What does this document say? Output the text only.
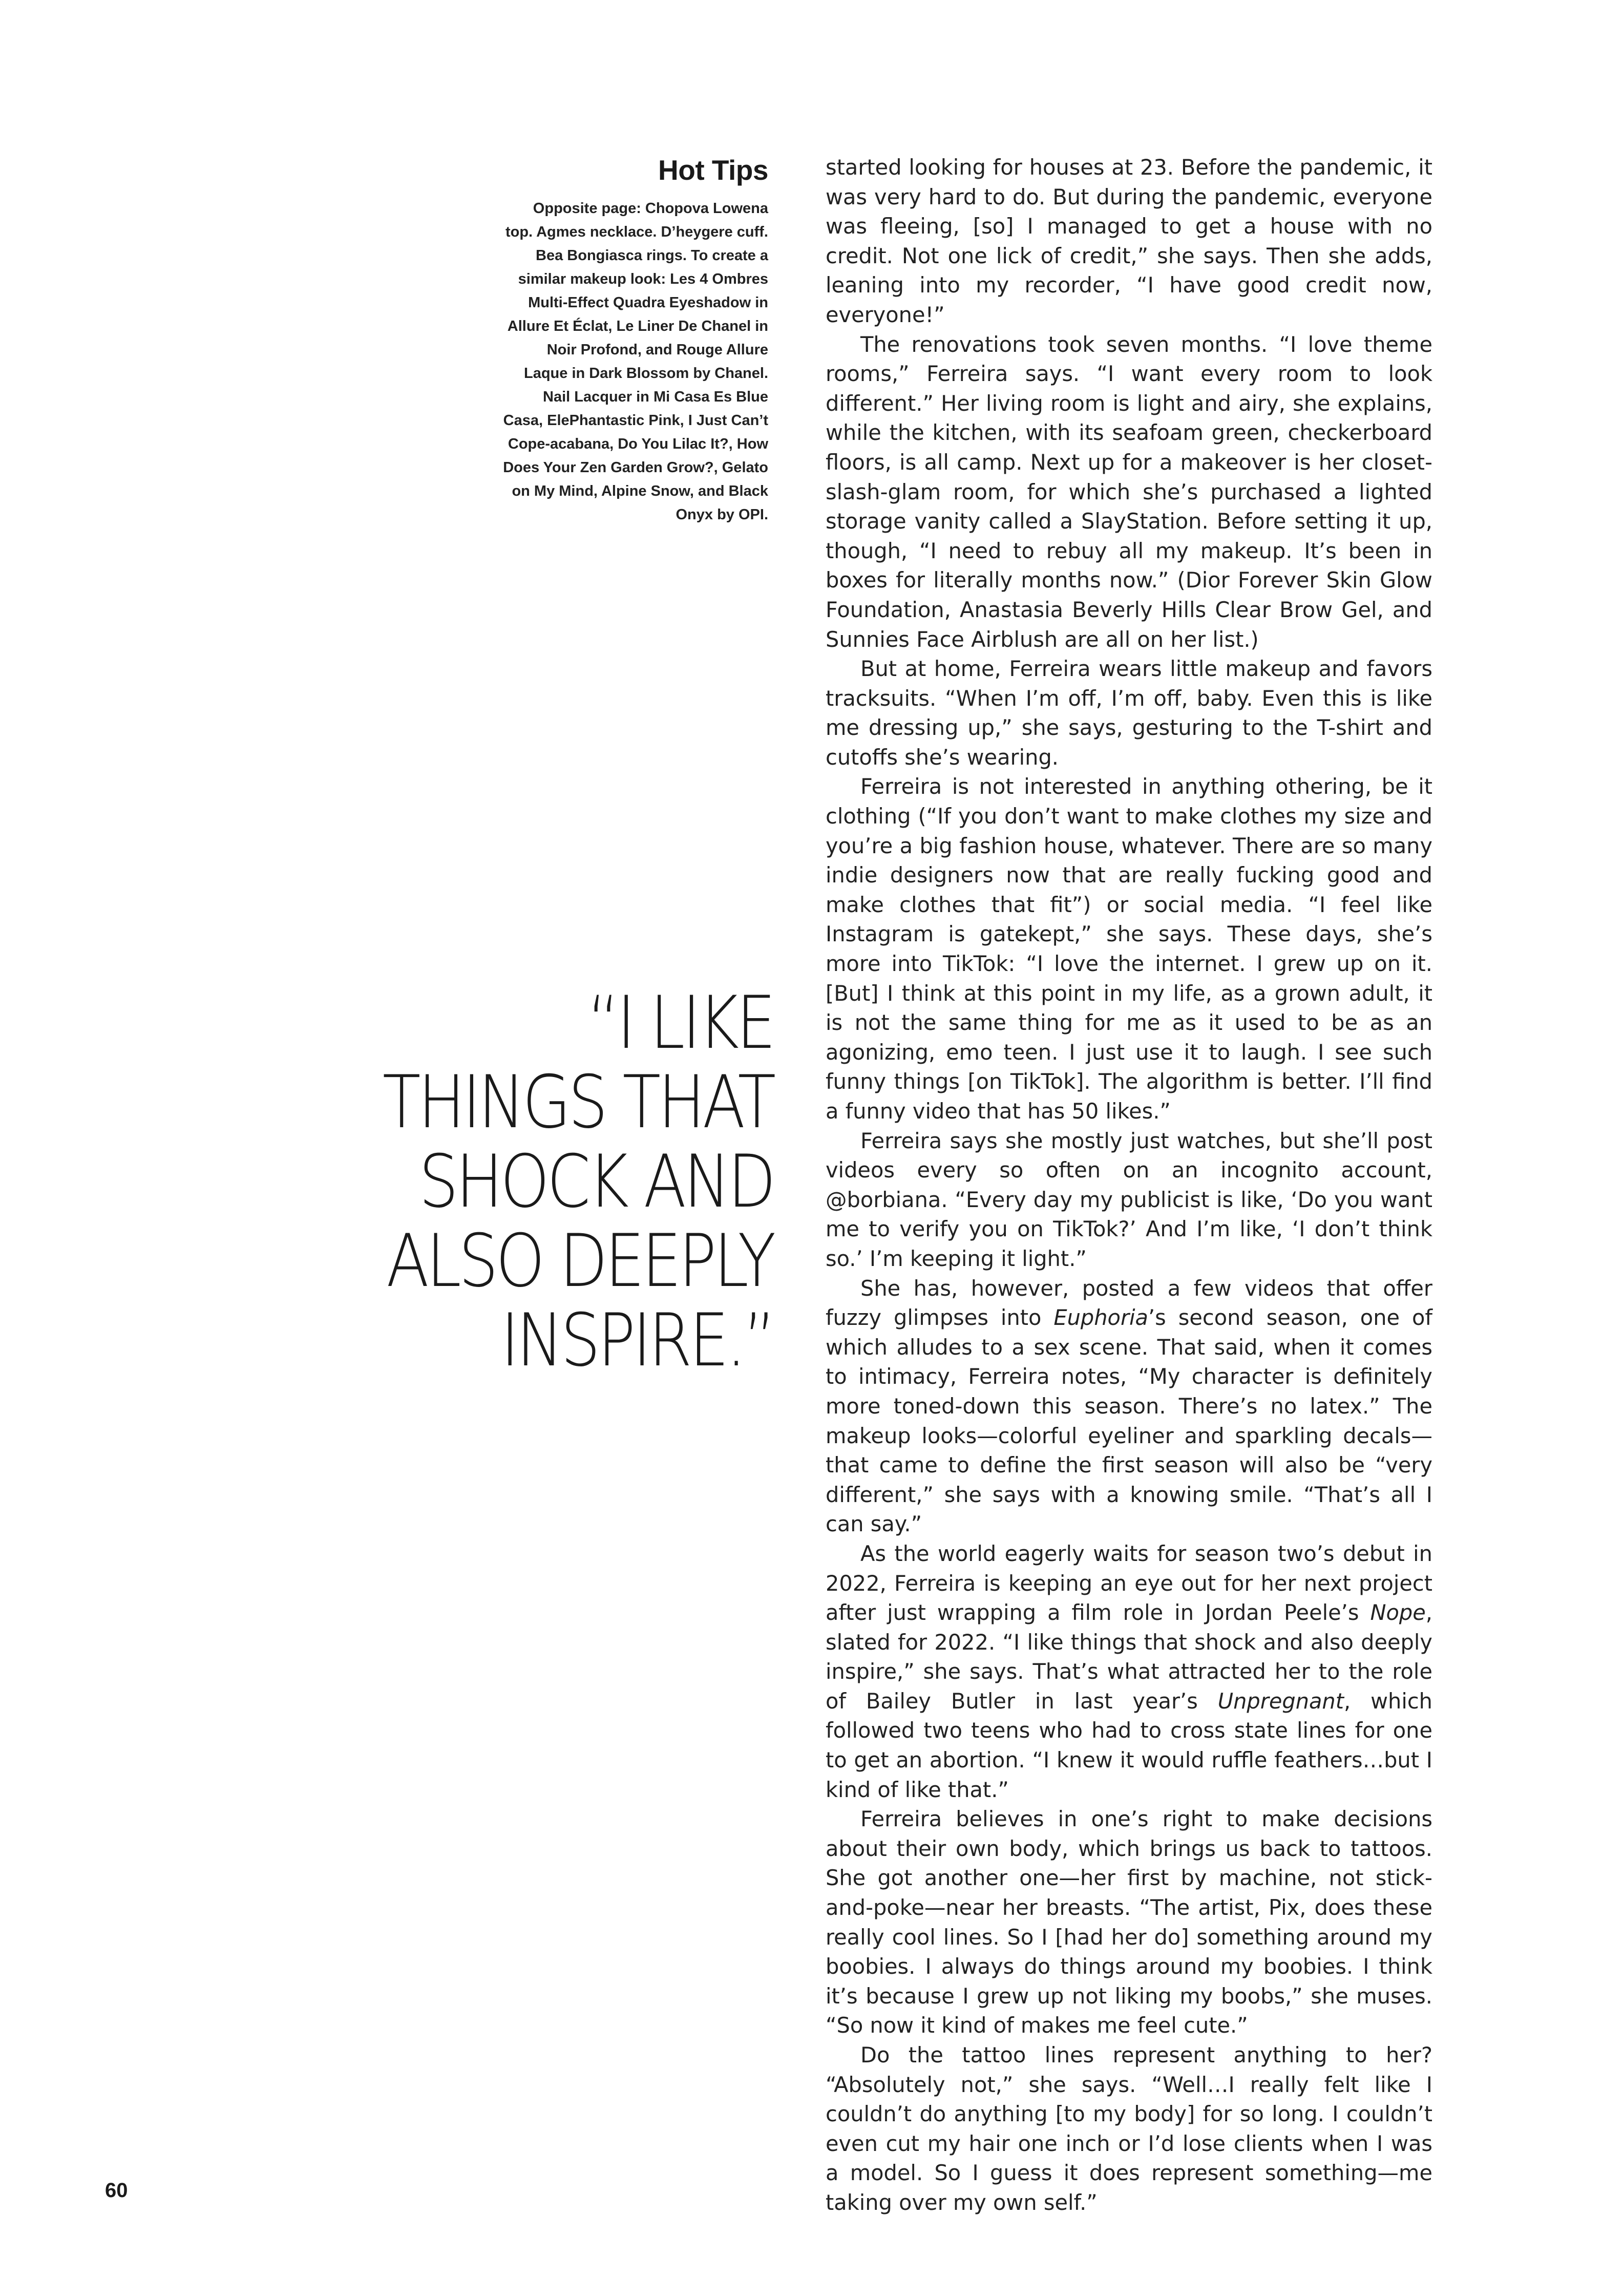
Hot Tips

Opposite page: Chopova Lowena top. Agmes necklace. D’heygere cuff. Bea Bongiasca rings. To create a similar makeup look: Les 4 Ombres Multi-Effect Quadra Eyeshadow in Allure Et Éclat, Le Liner De Chanel in Noir Profond, and Rouge Allure Laque in Dark Blossom by Chanel. Nail Lacquer in Mi Casa Es Blue Casa, ElePhantastic Pink, I Just Can’t Cope-acabana, Do You Lilac It?, How Does Your Zen Garden Grow?, Gelato on My Mind, Alpine Snow, and Black Onyx by OPI.

“I LIKE
THINGS THAT
SHOCK AND
ALSO DEEPLY
INSPIRE.”

started looking for houses at 23. Before the pandemic, it was very hard to do. But during the pandemic, everyone was fleeing, [so] I managed to get a house with no credit. Not one lick of credit,” she says. Then she adds, leaning into my recorder, “I have good credit now, everyone!”

The renovations took seven months. “I love theme rooms,” Ferreira says. “I want every room to look different.” Her living room is light and airy, she explains, while the kitchen, with its seafoam green, checkerboard floors, is all camp. Next up for a makeover is her closet-slash-glam room, for which she’s purchased a lighted storage vanity called a SlayStation. Before setting it up, though, “I need to rebuy all my makeup. It’s been in boxes for literally months now.” (Dior Forever Skin Glow Foundation, Anastasia Beverly Hills Clear Brow Gel, and Sunnies Face Airblush are all on her list.)

But at home, Ferreira wears little makeup and favors tracksuits. “When I’m off, I’m off, baby. Even this is like me dressing up,” she says, gesturing to the T-shirt and cutoffs she’s wearing.

Ferreira is not interested in anything othering, be it clothing (“If you don’t want to make clothes my size and you’re a big fashion house, whatever. There are so many indie designers now that are really fucking good and make clothes that fit”) or social media. “I feel like Instagram is gatekept,” she says. These days, she’s more into TikTok: “I love the internet. I grew up on it. [But] I think at this point in my life, as a grown adult, it is not the same thing for me as it used to be as an agonizing, emo teen. I just use it to laugh. I see such funny things [on TikTok]. The algorithm is better. I’ll find a funny video that has 50 likes.”

Ferreira says she mostly just watches, but she’ll post videos every so often on an incognito account, @borbiana. “Every day my publicist is like, ‘Do you want me to verify you on TikTok?’ And I’m like, ‘I don’t think so.’ I’m keeping it light.”

She has, however, posted a few videos that offer fuzzy glimpses into Euphoria’s second season, one of which alludes to a sex scene. That said, when it comes to intimacy, Ferreira notes, “My character is definitely more toned-down this season. There’s no latex.” The makeup looks—colorful eyeliner and sparkling decals—that came to define the first season will also be “very different,” she says with a knowing smile. “That’s all I can say.”

As the world eagerly waits for season two’s debut in 2022, Ferreira is keeping an eye out for her next project after just wrapping a film role in Jordan Peele’s Nope, slated for 2022. “I like things that shock and also deeply inspire,” she says. That’s what attracted her to the role of Bailey Butler in last year’s Unpregnant, which followed two teens who had to cross state lines for one to get an abortion. “I knew it would ruffle feathers…but I kind of like that.”

Ferreira believes in one’s right to make decisions about their own body, which brings us back to tattoos. She got another one—her first by machine, not stick-and-poke—near her breasts. “The artist, Pix, does these really cool lines. So I [had her do] something around my boobies. I always do things around my boobies. I think it’s because I grew up not liking my boobs,” she muses. “So now it kind of makes me feel cute.”

Do the tattoo lines represent anything to her? “Absolutely not,” she says. “Well…I really felt like I couldn’t do anything [to my body] for so long. I couldn’t even cut my hair one inch or I’d lose clients when I was a model. So I guess it does represent something—me taking over my own self.”

60
